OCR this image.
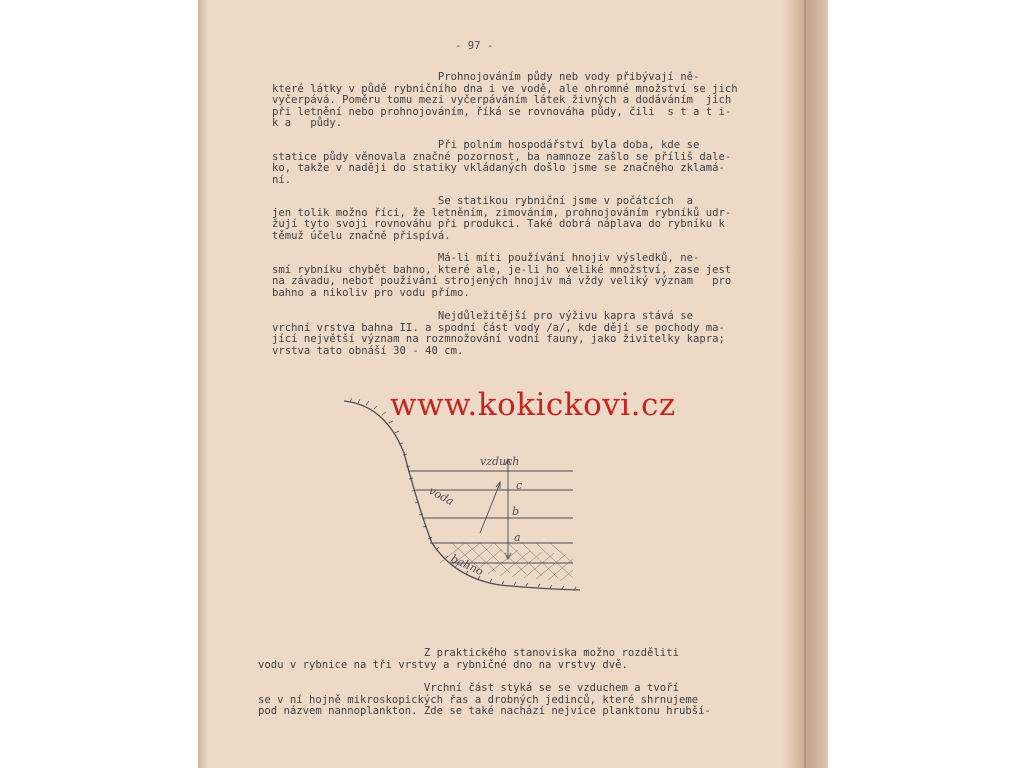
- 97 -

Prohnojováním půdy neb vody přibývají ně-
které látky v půdě rybničního dna i ve vodě, ale ohromné množství se jich
vyčerpává. Poměru tomu mezi vyčerpáváním látek živných a dodáváním  jich
při letnění nebo prohnojováním, říká se rovnováha půdy, čili  s t a t i-
k a   půdy.

Při polním hospodářství byla doba, kde se
statice půdy věnovala značné pozornost, ba namnoze zašlo se příliš dale-
ko, takže v naději do statiky vkládaných došlo jsme se značného zklamá-
ní.

Se statikou rybniční jsme v počátcích  a
jen tolik možno říci, že letněním, zimováním, prohnojováním rybníků udr-
žují tyto svoji rovnováhu při produkci. Také dobrá náplava do rybníku k
těmuž účelu značně přispívá.

Má-li míti používání hnojiv výsledků, ne-
smí rybníku chybět bahno, které ale, je-li ho veliké množství, zase jest
na závadu, neboť používání strojených hnojiv má vždy veliký význam   pro
bahno a nikoliv pro vodu přímo.

Nejdůležitější pro výživu kapra stává se
vrchní vrstva bahna II. a spodní část vody /a/, kde dějí se pochody ma-
jící největší význam na rozmnožování vodní fauny, jako živitelky kapra;
vrstva tato obnáší 30 - 40 cm.

www.kokickovi.cz

vzduch
voda
bahno
c
b
a

Z praktického stanoviska možno rozděliti
vodu v rybnice na tři vrstvy a rybničné dno na vrstvy dvě.

Vrchní část styká se se vzduchem a tvoří
se v ní hojně mikroskopických řas a drobných jedinců, které shrnujeme
pod názvem nannoplankton. Zde se také nachází nejvíce planktonu hrubší-
